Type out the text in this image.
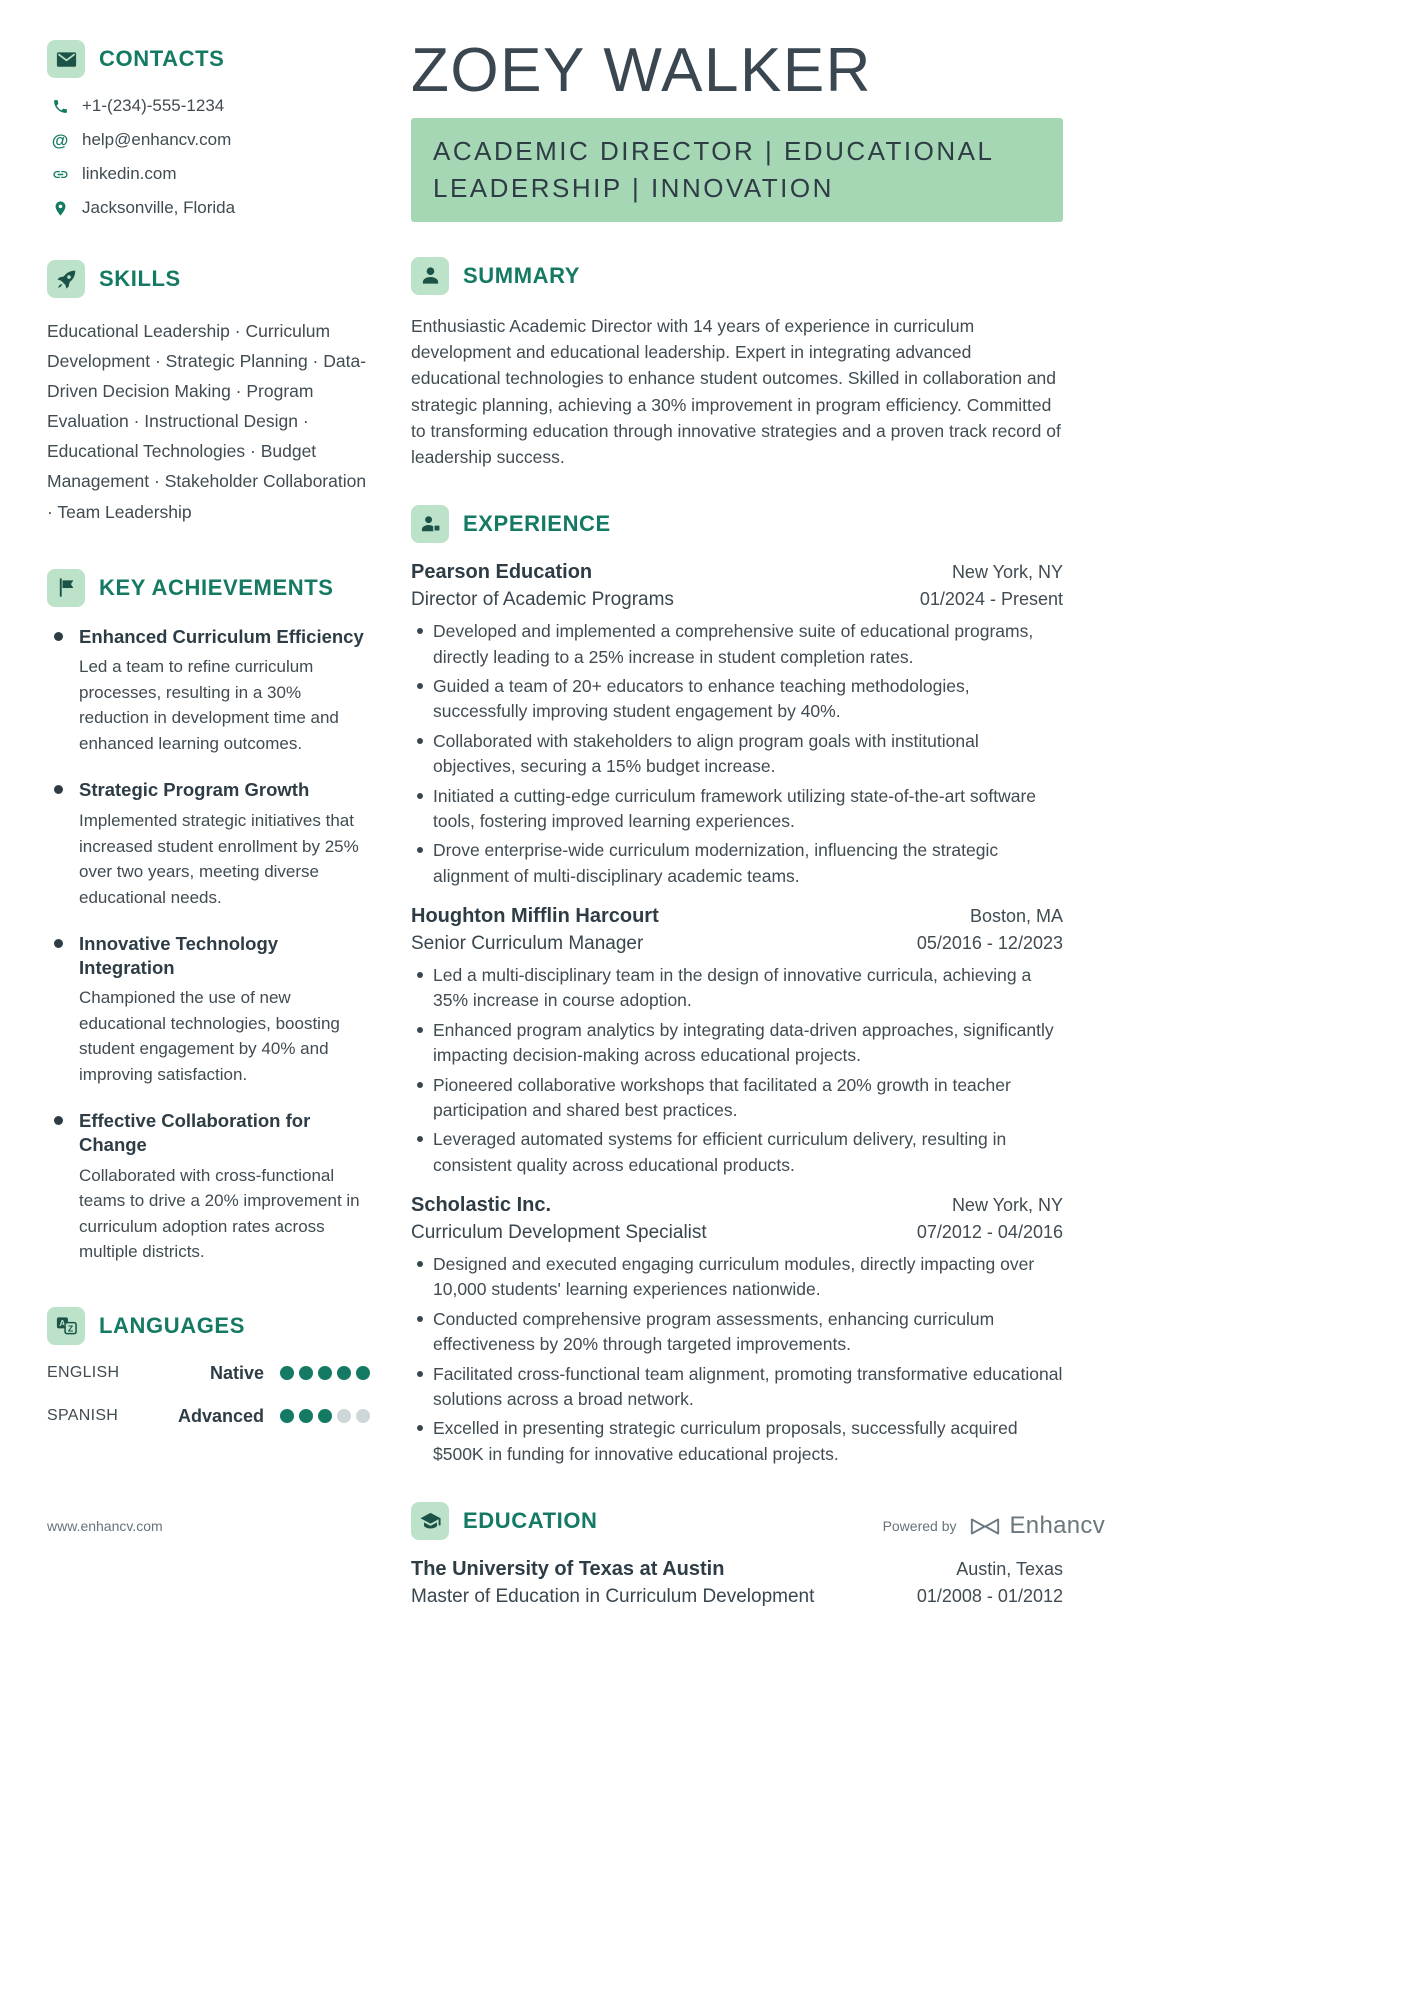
CONTACTS
+1-(234)-555-1234
@ help@enhancv.com
linkedin.com
Jacksonville, Florida
SKILLS

Educational Leadership · Curriculum Development · Strategic Planning · Data-Driven Decision Making · Program Evaluation · Instructional Design · Educational Technologies · Budget Management · Stakeholder Collaboration · Team Leadership

KEY ACHIEVEMENTS
Enhanced Curriculum Efficiency

Led a team to refine curriculum processes, resulting in a 30% reduction in development time and enhanced learning outcomes.

Strategic Program Growth

Implemented strategic initiatives that increased student enrollment by 25% over two years, meeting diverse educational needs.

Innovative Technology Integration

Championed the use of new educational technologies, boosting student engagement by 40% and improving satisfaction.

Effective Collaboration for Change

Collaborated with cross-functional teams to drive a 20% improvement in curriculum adoption rates across multiple districts.

A
Z LANGUAGES
ENGLISH	Native
SPANISH	Advanced
ZOEY WALKER
ACADEMIC DIRECTOR | EDUCATIONAL LEADERSHIP | INNOVATION
SUMMARY

Enthusiastic Academic Director with 14 years of experience in curriculum development and educational leadership. Expert in integrating advanced educational technologies to enhance student outcomes. Skilled in collaboration and strategic planning, achieving a 30% improvement in program efficiency. Committed to transforming education through innovative strategies and a proven track record of leadership success.

EXPERIENCE
Pearson Education	New York, NY
Director of Academic Programs	01/2024 - Present
Developed and implemented a comprehensive suite of educational programs, directly leading to a 25% increase in student completion rates.
Guided a team of 20+ educators to enhance teaching methodologies, successfully improving student engagement by 40%.
Collaborated with stakeholders to align program goals with institutional objectives, securing a 15% budget increase.
Initiated a cutting-edge curriculum framework utilizing state-of-the-art software tools, fostering improved learning experiences.
Drove enterprise-wide curriculum modernization, influencing the strategic alignment of multi-disciplinary academic teams.
Houghton Mifflin Harcourt	Boston, MA
Senior Curriculum Manager	05/2016 - 12/2023
Led a multi-disciplinary team in the design of innovative curricula, achieving a 35% increase in course adoption.
Enhanced program analytics by integrating data-driven approaches, significantly impacting decision-making across educational projects.
Pioneered collaborative workshops that facilitated a 20% growth in teacher participation and shared best practices.
Leveraged automated systems for efficient curriculum delivery, resulting in consistent quality across educational products.
Scholastic Inc.	New York, NY
Curriculum Development Specialist	07/2012 - 04/2016
Designed and executed engaging curriculum modules, directly impacting over 10,000 students' learning experiences nationwide.
Conducted comprehensive program assessments, enhancing curriculum effectiveness by 20% through targeted improvements.
Facilitated cross-functional team alignment, promoting transformative educational solutions across a broad network.
Excelled in presenting strategic curriculum proposals, successfully acquired $500K in funding for innovative educational projects.
EDUCATION
The University of Texas at Austin	Austin, Texas
Master of Education in Curriculum Development	01/2008 - 01/2012
www.enhancv.com	Powered by Enhancv
